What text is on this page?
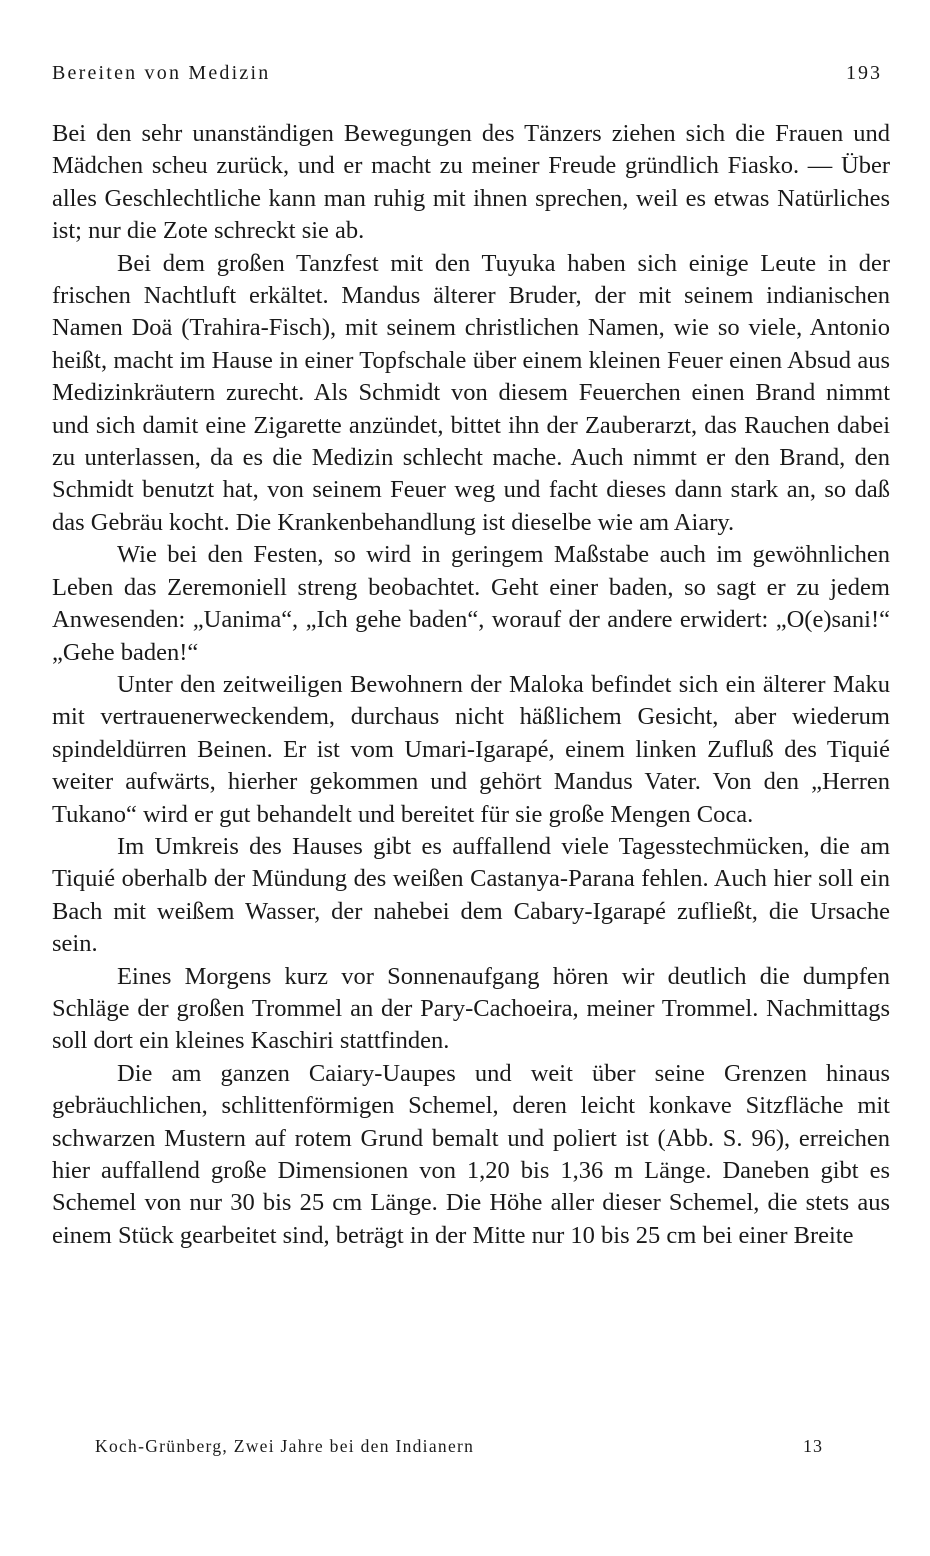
Bereiten von Medizin	193

Bei den sehr unanständigen Bewegungen des Tänzers ziehen sich die Frauen und Mädchen scheu zurück, und er macht zu meiner Freude gründlich Fiasko. — Über alles Geschlechtliche kann man ruhig mit ihnen sprechen, weil es etwas Natürliches ist; nur die Zote schreckt sie ab.

Bei dem großen Tanzfest mit den Tuyuka haben sich einige Leute in der frischen Nachtluft erkältet. Mandus älterer Bruder, der mit seinem indianischen Namen Doä (Trahira-Fisch), mit seinem christlichen Namen, wie so viele, Antonio heißt, macht im Hause in einer Topfschale über einem kleinen Feuer einen Absud aus Medizinkräutern zurecht. Als Schmidt von diesem Feuerchen einen Brand nimmt und sich damit eine Zigarette anzündet, bittet ihn der Zauberarzt, das Rauchen dabei zu unterlassen, da es die Medizin schlecht mache. Auch nimmt er den Brand, den Schmidt benutzt hat, von seinem Feuer weg und facht dieses dann stark an, so daß das Gebräu kocht. Die Krankenbehandlung ist dieselbe wie am Aiary.

Wie bei den Festen, so wird in geringem Maßstabe auch im gewöhnlichen Leben das Zeremoniell streng beobachtet. Geht einer baden, so sagt er zu jedem Anwesenden: „Uanima“, „Ich gehe baden“, worauf der andere erwidert: „O(e)sani!“ „Gehe baden!“

Unter den zeitweiligen Bewohnern der Maloka befindet sich ein älterer Maku mit vertrauenerweckendem, durchaus nicht häßlichem Gesicht, aber wiederum spindeldürren Beinen. Er ist vom Umari-Igarapé, einem linken Zufluß des Tiquié weiter aufwärts, hierher gekommen und gehört Mandus Vater. Von den „Herren Tukano“ wird er gut behandelt und bereitet für sie große Mengen Coca.

Im Umkreis des Hauses gibt es auffallend viele Tagesstechmücken, die am Tiquié oberhalb der Mündung des weißen Castanya-Parana fehlen. Auch hier soll ein Bach mit weißem Wasser, der nahebei dem Cabary-Igarapé zufließt, die Ursache sein.

Eines Morgens kurz vor Sonnenaufgang hören wir deutlich die dumpfen Schläge der großen Trommel an der Pary-Cachoeira, meiner Trommel. Nachmittags soll dort ein kleines Kaschiri stattfinden.

Die am ganzen Caiary-Uaupes und weit über seine Grenzen hinaus gebräuchlichen, schlittenförmigen Schemel, deren leicht konkave Sitzfläche mit schwarzen Mustern auf rotem Grund bemalt und poliert ist (Abb. S. 96), erreichen hier auffallend große Dimensionen von 1,20 bis 1,36 m Länge. Daneben gibt es Schemel von nur 30 bis 25 cm Länge. Die Höhe aller dieser Schemel, die stets aus einem Stück gearbeitet sind, beträgt in der Mitte nur 10 bis 25 cm bei einer Breite

Koch-Grünberg, Zwei Jahre bei den Indianern	13
